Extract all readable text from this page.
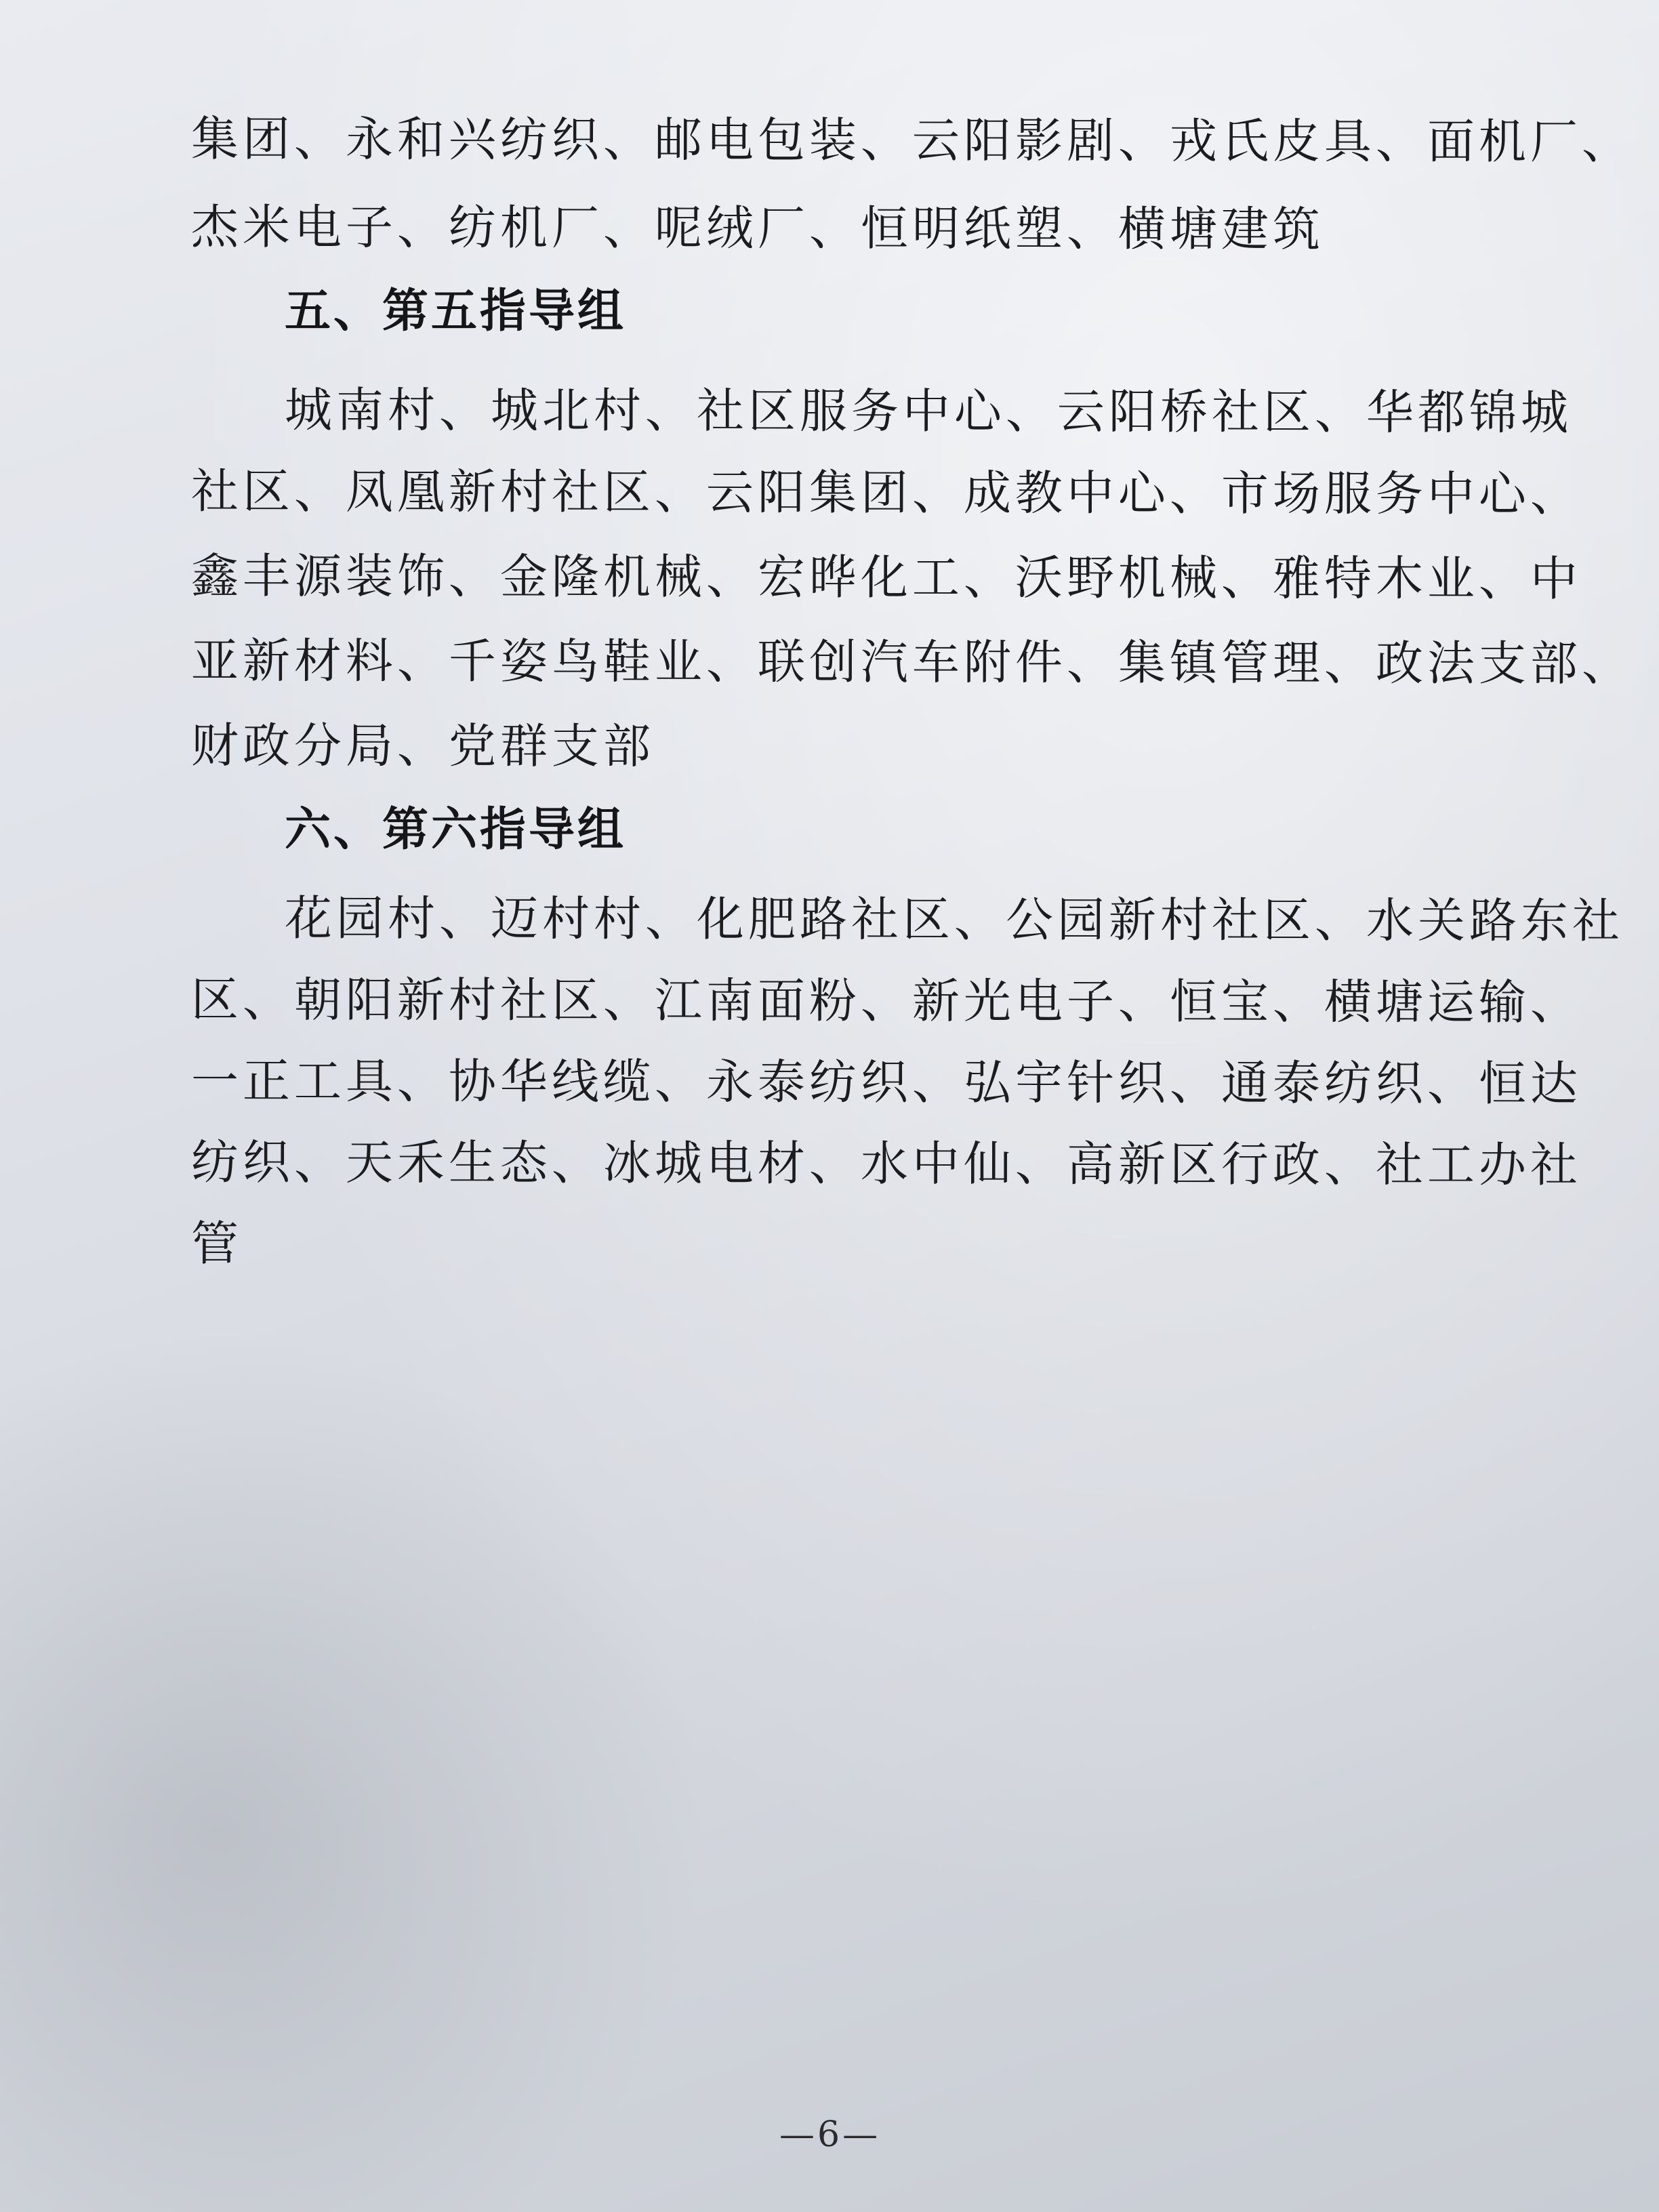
集团、永和兴纺织、邮电包装、云阳影剧、戎氏皮具、面机厂、
杰米电子、纺机厂、呢绒厂、恒明纸塑、横塘建筑
五、第五指导组
城南村、城北村、社区服务中心、云阳桥社区、华都锦城
社区、凤凰新村社区、云阳集团、成教中心、市场服务中心、
鑫丰源装饰、金隆机械、宏晔化工、沃野机械、雅特木业、中
亚新材料、千姿鸟鞋业、联创汽车附件、集镇管理、政法支部、
财政分局、党群支部
六、第六指导组
花园村、迈村村、化肥路社区、公园新村社区、水关路东社
区、朝阳新村社区、江南面粉、新光电子、恒宝、横塘运输、
一正工具、协华线缆、永泰纺织、弘宇针织、通泰纺织、恒达
纺织、天禾生态、冰城电材、水中仙、高新区行政、社工办社
管
—6—
